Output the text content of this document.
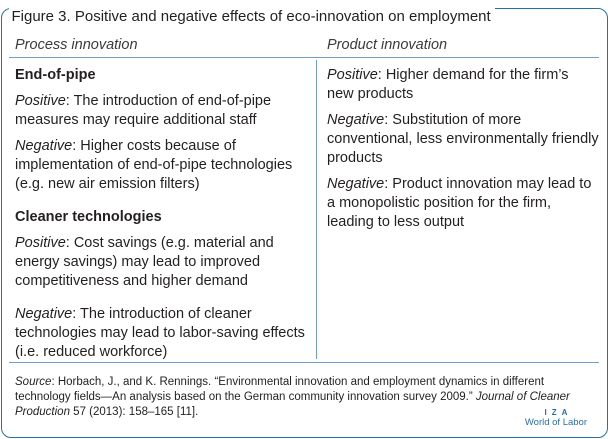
Figure 3. Positive and negative effects of eco-innovation on employment
Process innovation	Product innovation
End-of-pipe
Positive: The introduction of end-of-pipe measures may require additional staff
Negative: Higher costs because of implementation of end-of-pipe technologies (e.g. new air emission filters)
Cleaner technologies
Positive: Cost savings (e.g. material and energy savings) may lead to improved competitiveness and higher demand
Negative: The introduction of cleaner technologies may lead to labor-saving effects (i.e. reduced workforce)
Positive: Higher demand for the firm’s new products
Negative: Substitution of more conventional, less environmentally friendly products
Negative: Product innovation may lead to a monopolistic position for the firm, leading to less output
Source: Horbach, J., and K. Rennings. “Environmental innovation and employment dynamics in different technology fields—An analysis based on the German community innovation survey 2009.” Journal of Cleaner Production 57 (2013): 158–165 [11].	IZA
World of Labor
